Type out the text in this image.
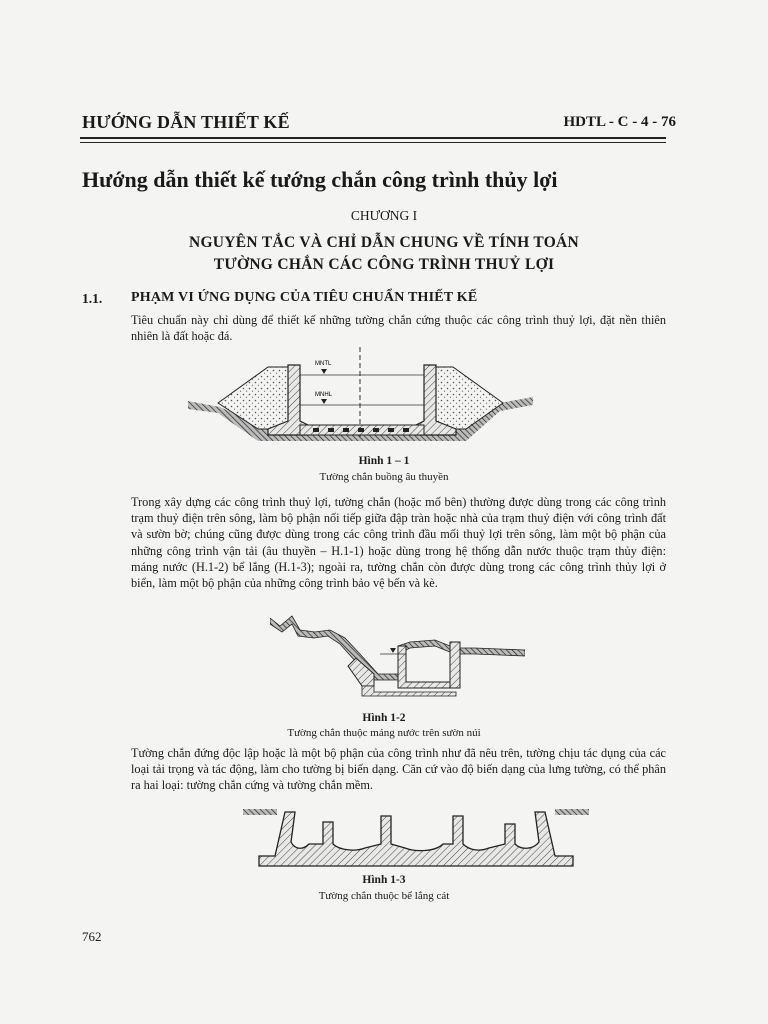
HƯỚNG DẪN THIẾT KẾ	HDTL - C - 4 - 76
Hướng dẫn thiết kế tướng chắn công trình thủy lợi
CHƯƠNG I
NGUYÊN TẮC VÀ CHỈ DẪN CHUNG VỀ TÍNH TOÁN
TƯỜNG CHẮN CÁC CÔNG TRÌNH THUỶ LỢI
1.1. PHẠM VI ỨNG DỤNG CỦA TIÊU CHUẨN THIẾT KẾ
Tiêu chuẩn này chỉ dùng để thiết kế những tường chắn cứng thuộc các công trình thuỷ lợi, đặt nền thiên nhiên là đất hoặc đá.
MNTL
MNHL
Hình 1 – 1
Tường chắn buồng âu thuyền
Trong xây dựng các công trình thuỷ lợi, tường chắn (hoặc mố bên) thường được dùng trong các công trình trạm thuỷ điện trên sông, làm bộ phận nối tiếp giữa đập tràn hoặc nhà của trạm thuỷ điện với công trình đất và sườn bờ; chúng cũng được dùng trong các công trình đầu mối thuỷ lợi trên sông, làm một bộ phận của những công trình vận tải (âu thuyền – H.1-1) hoặc dùng trong hệ thống dẫn nước thuộc trạm thủy điện: máng nước (H.1-2) bể lắng (H.1-3); ngoài ra, tường chắn còn được dùng trong các công trình thủy lợi ở biển, làm một bộ phận của những công trình bảo vệ bến và kè.
Hình 1-2
Tường chắn thuộc máng nước trên sườn núi
Tường chắn đứng độc lập hoặc là một bộ phận của công trình như đã nêu trên, tường chịu tác dụng của các loại tải trọng và tác động, làm cho tường bị biến dạng. Căn cứ vào độ biến dạng của lưng tường, có thể phân ra hai loại: tường chắn cứng và tường chắn mềm.
Hình 1-3
Tường chắn thuộc bể lắng cát
762
